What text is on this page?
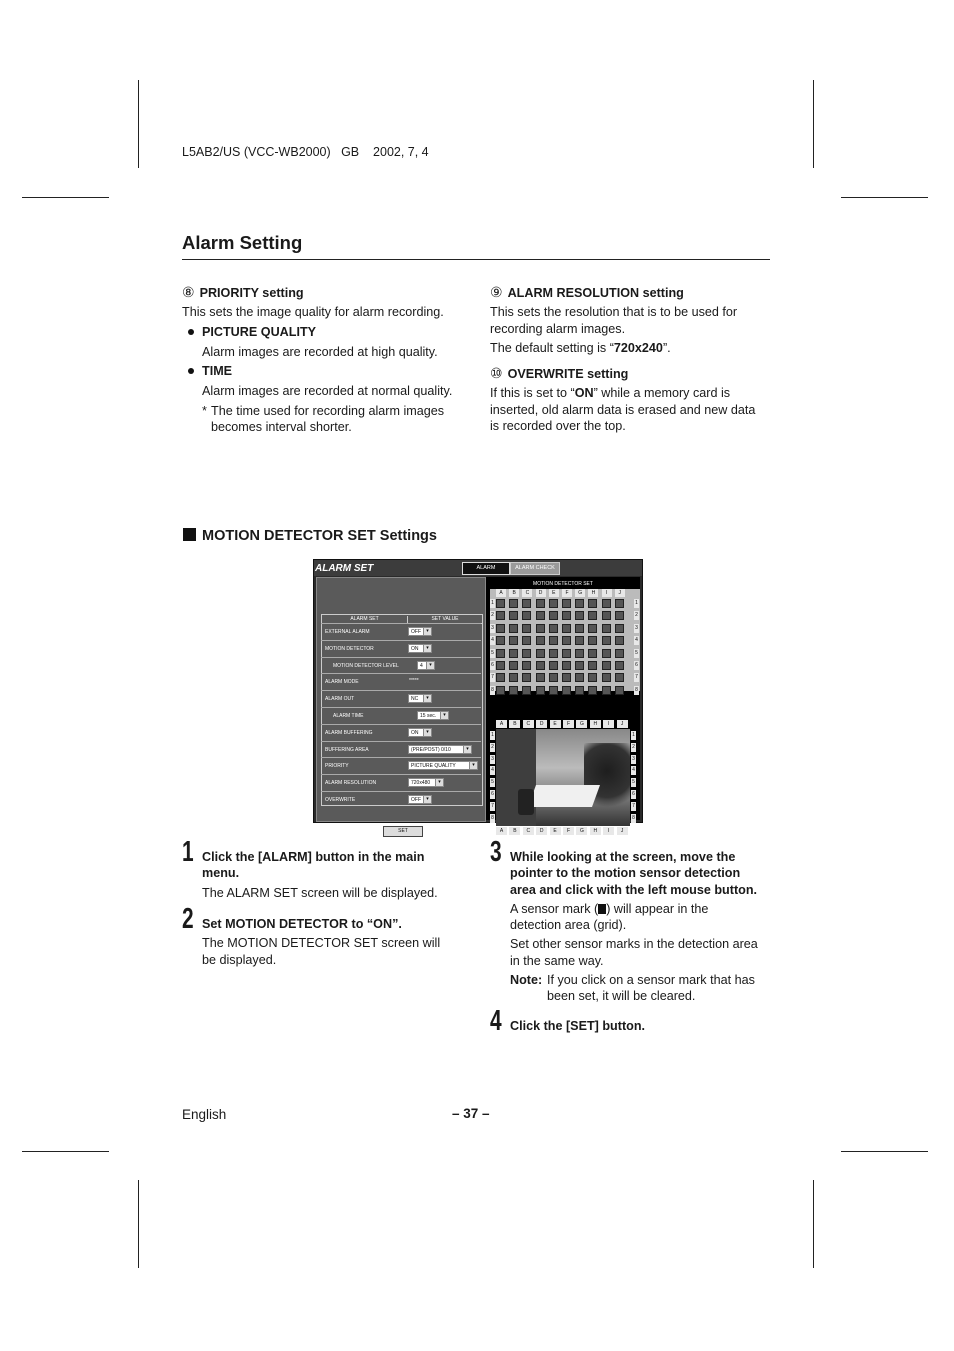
L5AB2/US (VCC-WB2000)   GB    2002, 7, 4
Alarm Setting
⑧ PRIORITY setting
This sets the image quality for alarm recording.
PICTURE QUALITY
Alarm images are recorded at high quality.
TIME
Alarm images are recorded at normal quality.
* The time used for recording alarm images
becomes interval shorter.
⑨ ALARM RESOLUTION setting
This sets the resolution that is to be used for
recording alarm images.
The default setting is “720x240”.
⑩ OVERWRITE setting
If this is set to “ON” while a memory card is
inserted, old alarm data is erased and new data
is recorded over the top.
MOTION DETECTOR SET Settings
ALARM SET	ALARM	ALARM CHECK
ALARM SET	SET VALUE
EXTERNAL ALARM	OFF	▾
MOTION DETECTOR	ON	▾
MOTION DETECTOR LEVEL	4	▾
ALARM MODE	*****
ALARM OUT	NC	▾
ALARM TIME	15 sec.	▾
ALARM BUFFERING	ON	▾
BUFFERING AREA	(PRE/POST) 0/10	▾
PRIORITY	PICTURE QUALITY	▾
ALARM RESOLUTION	720x480	▾
OVERWRITE	OFF	▾
SET
MOTION DETECTOR SET
A	B	C	D	E	F	G	H	I	J
1	1
2	2
3	3
4	4
5	5
6	6
7	7
8	8
A	B	C	D	E	F	G	H	I	J
A	B	C	D	E	F	G	H	I	J
1	1
2	2
3	3
4	4
5	5
6	6
7	7
8	8
1 Click the [ALARM] button in the main
menu.
The ALARM SET screen will be displayed.
2 Set MOTION DETECTOR to “ON”.
The MOTION DETECTOR SET screen will
be displayed.
3 While looking at the screen, move the
pointer to the motion sensor detection
area and click with the left mouse button.
A sensor mark ( ) will appear in the
detection area (grid).
Set other sensor marks in the detection area
in the same way.
Note: If you click on a sensor mark that has
been set, it will be cleared.
4 Click the [SET] button.
English	– 37 –
